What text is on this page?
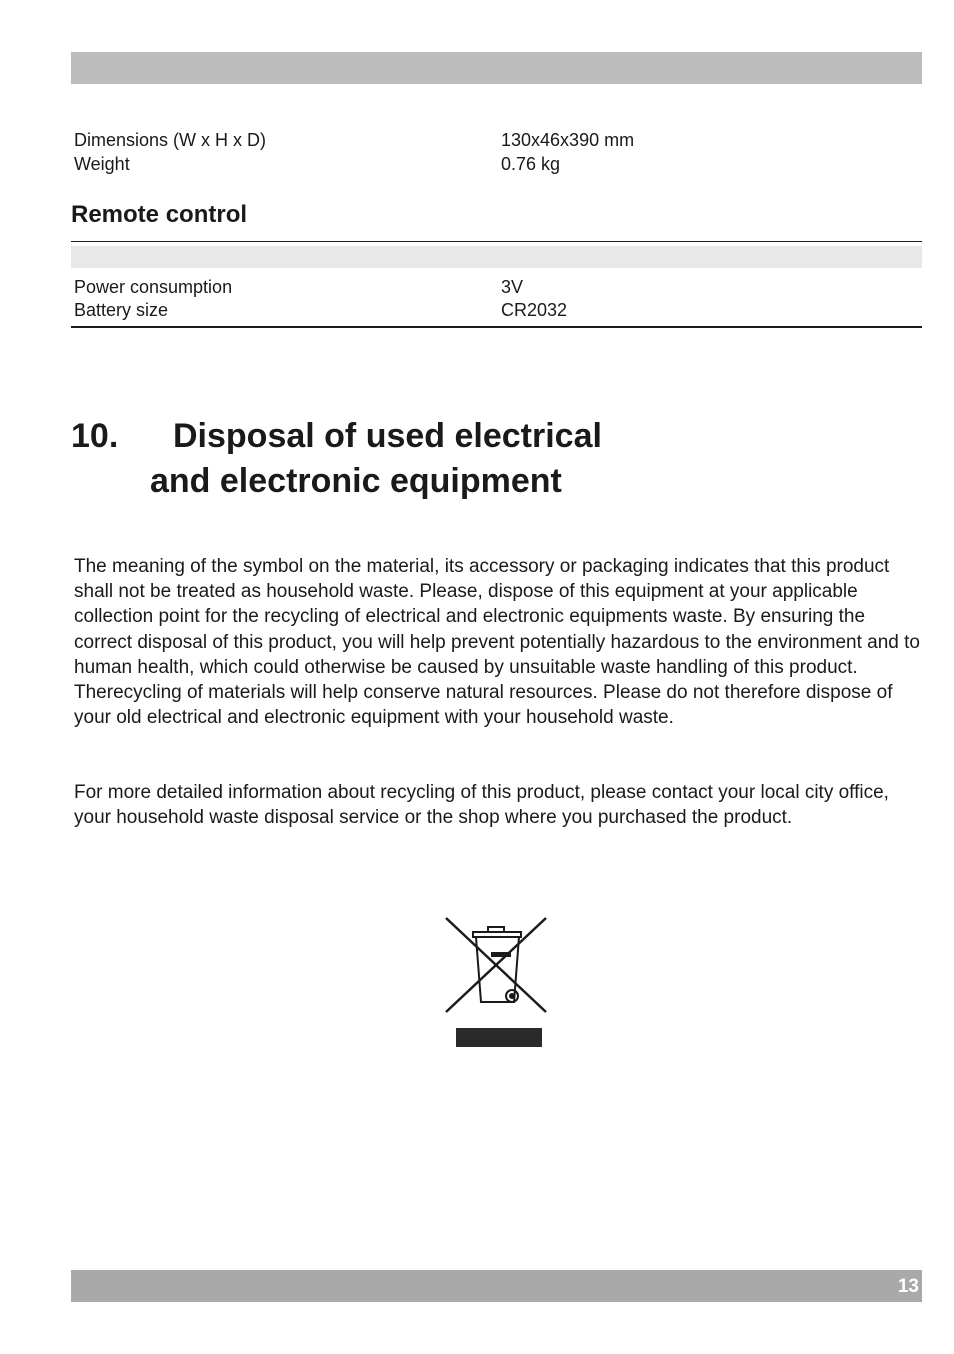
Dimensions (W x H x D)	130x46x390 mm
Weight	0.76 kg
Remote control
Power consumption	3V
Battery size	CR2032
10. Disposal of used electrical
and electronic equipment

The meaning of the symbol on the material, its accessory or packaging indicates that this product shall not be treated as household waste. Please, dispose of this equipment at your applicable collection point for the recycling of electrical and electronic equipments waste. By ensuring the correct disposal of this product, you will help prevent potentially hazardous to the environment and to human health, which could otherwise be caused by unsuitable waste handling of this product. Therecycling of materials will help conserve natural resources. Please do not therefore dispose of your old electrical and electronic equipment with your household waste.

For more detailed information about recycling of this product, please contact your local city office, your household waste disposal service or the shop where you purchased the product.

13
